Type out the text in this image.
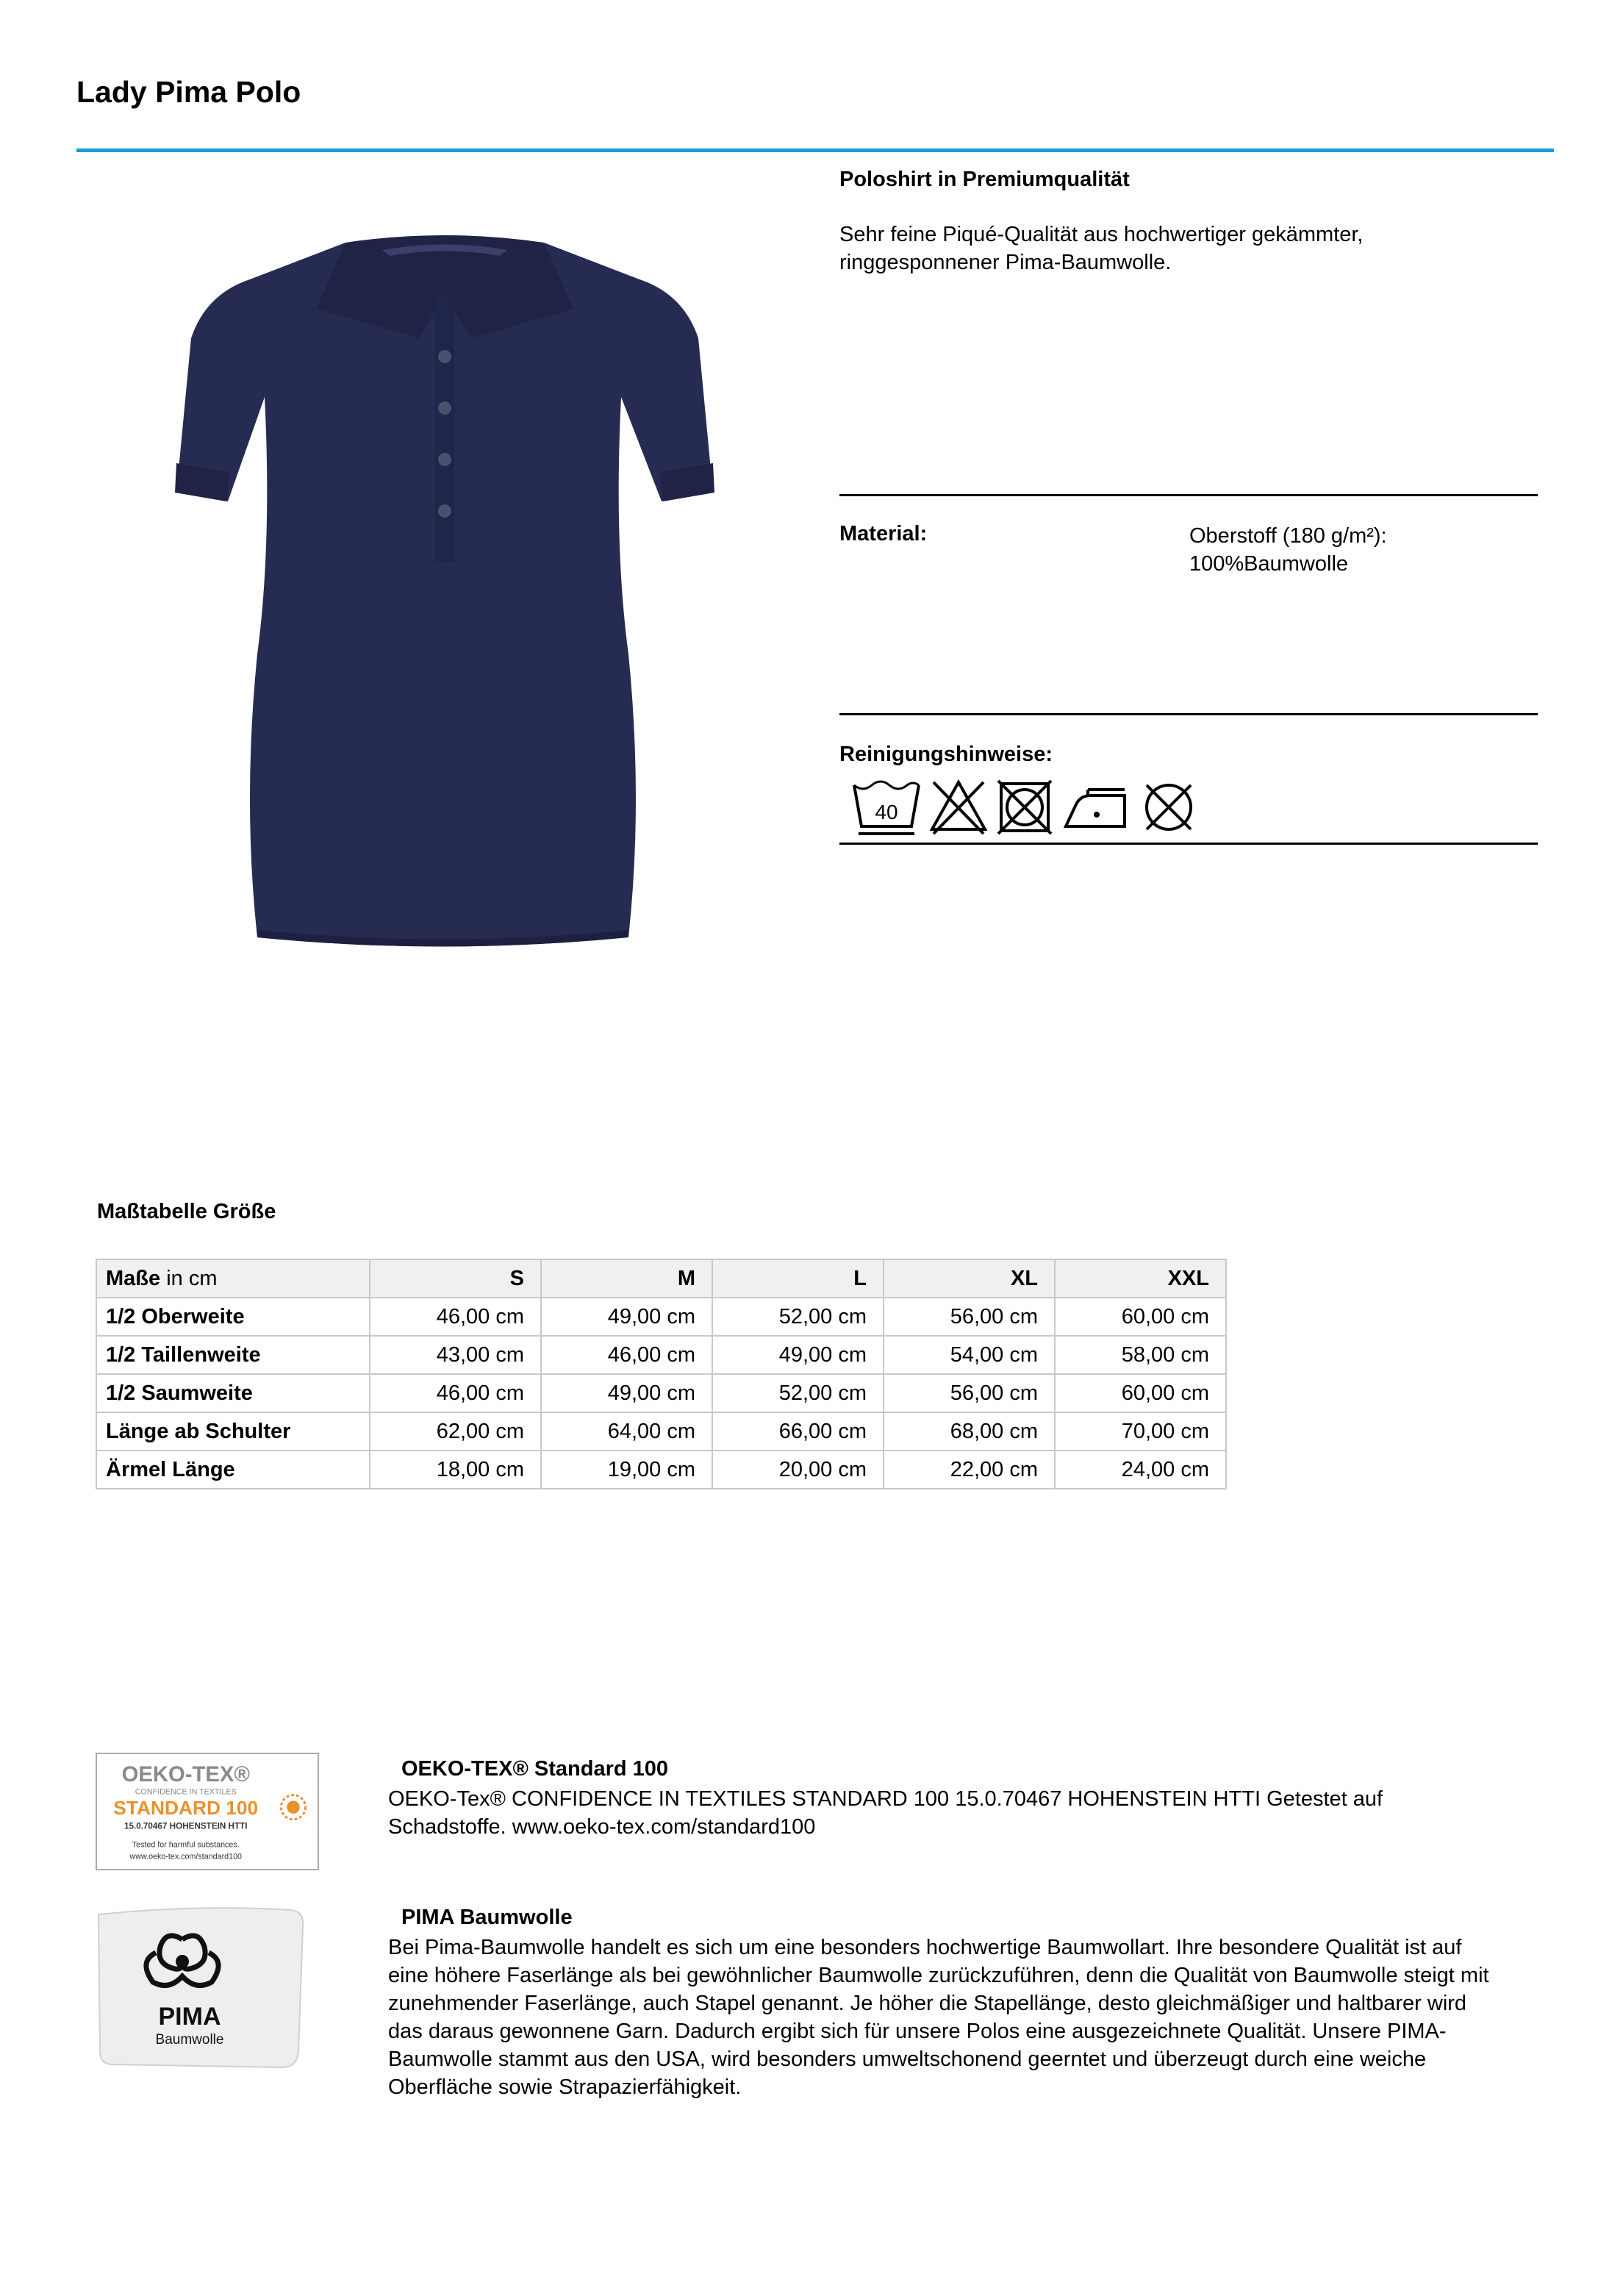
Lady Pima Polo
Poloshirt in Premiumqualität
Sehr feine Piqué-Qualität aus hochwertiger gekämmter,
ringgesponnener Pima-Baumwolle.
Material:	Oberstoff (180 g/m²):
100%Baumwolle
Reinigungshinweise:
40
Maßtabelle Größe
Maße in cm	S	M	L	XL	XXL
1/2 Oberweite	46,00 cm	49,00 cm	52,00 cm	56,00 cm	60,00 cm
1/2 Taillenweite	43,00 cm	46,00 cm	49,00 cm	54,00 cm	58,00 cm
1/2 Saumweite	46,00 cm	49,00 cm	52,00 cm	56,00 cm	60,00 cm
Länge ab Schulter	62,00 cm	64,00 cm	66,00 cm	68,00 cm	70,00 cm
Ärmel Länge	18,00 cm	19,00 cm	20,00 cm	22,00 cm	24,00 cm
OEKO-TEX®
CONFIDENCE IN TEXTILES
STANDARD 100
15.0.70467 HOHENSTEIN HTTI
Tested for harmful substances.
www.oeko-tex.com/standard100
OEKO-TEX® Standard 100
OEKO-Tex® CONFIDENCE IN TEXTILES STANDARD 100 15.0.70467 HOHENSTEIN HTTI Getestet auf
Schadstoffe. www.oeko-tex.com/standard100
PIMA
Baumwolle
PIMA Baumwolle
Bei Pima-Baumwolle handelt es sich um eine besonders hochwertige Baumwollart. Ihre besondere Qualität ist auf
eine höhere Faserlänge als bei gewöhnlicher Baumwolle zurückzuführen, denn die Qualität von Baumwolle steigt mit
zunehmender Faserlänge, auch Stapel genannt. Je höher die Stapellänge, desto gleichmäßiger und haltbarer wird
das daraus gewonnene Garn. Dadurch ergibt sich für unsere Polos eine ausgezeichnete Qualität. Unsere PIMA-
Baumwolle stammt aus den USA, wird besonders umweltschonend geerntet und überzeugt durch eine weiche
Oberfläche sowie Strapazierfähigkeit.
